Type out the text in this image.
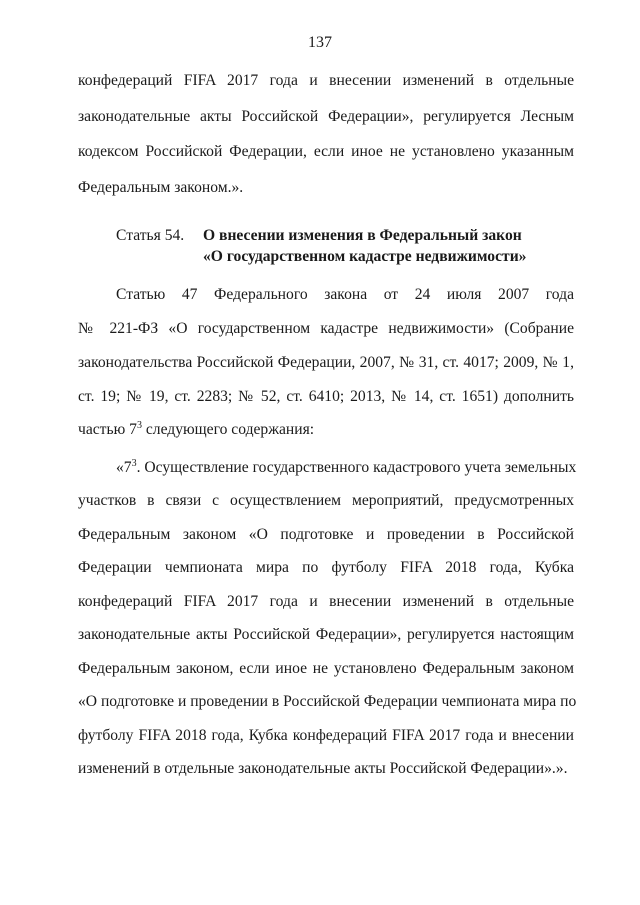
137
конфедераций FIFA 2017 года и внесении изменений в отдельные
законодательные акты Российской Федерации», регулируется Лесным
кодексом Российской Федерации, если иное не установлено указанным
Федеральным законом.».
Статья 54. О внесении изменения в Федеральный закон
«О государственном кадастре недвижимости»
Статью 47 Федерального закона от 24 июля 2007 года
№ 221-ФЗ «О государственном кадастре недвижимости» (Собрание
законодательства Российской Федерации, 2007, № 31, ст. 4017; 2009, № 1,
ст. 19; № 19, ст. 2283; № 52, ст. 6410; 2013, № 14, ст. 1651) дополнить
частью $7^3$ следующего содержания:
«$7^3$. Осуществление государственного кадастрового учета земельных
участков в связи с осуществлением мероприятий, предусмотренных
Федеральным законом «О подготовке и проведении в Российской
Федерации чемпионата мира по футболу FIFA 2018 года, Кубка
конфедераций FIFA 2017 года и внесении изменений в отдельные
законодательные акты Российской Федерации», регулируется настоящим
Федеральным законом, если иное не установлено Федеральным законом
«О подготовке и проведении в Российской Федерации чемпионата мира по
футболу FIFA 2018 года, Кубка конфедераций FIFA 2017 года и внесении
изменений в отдельные законодательные акты Российской Федерации».».
